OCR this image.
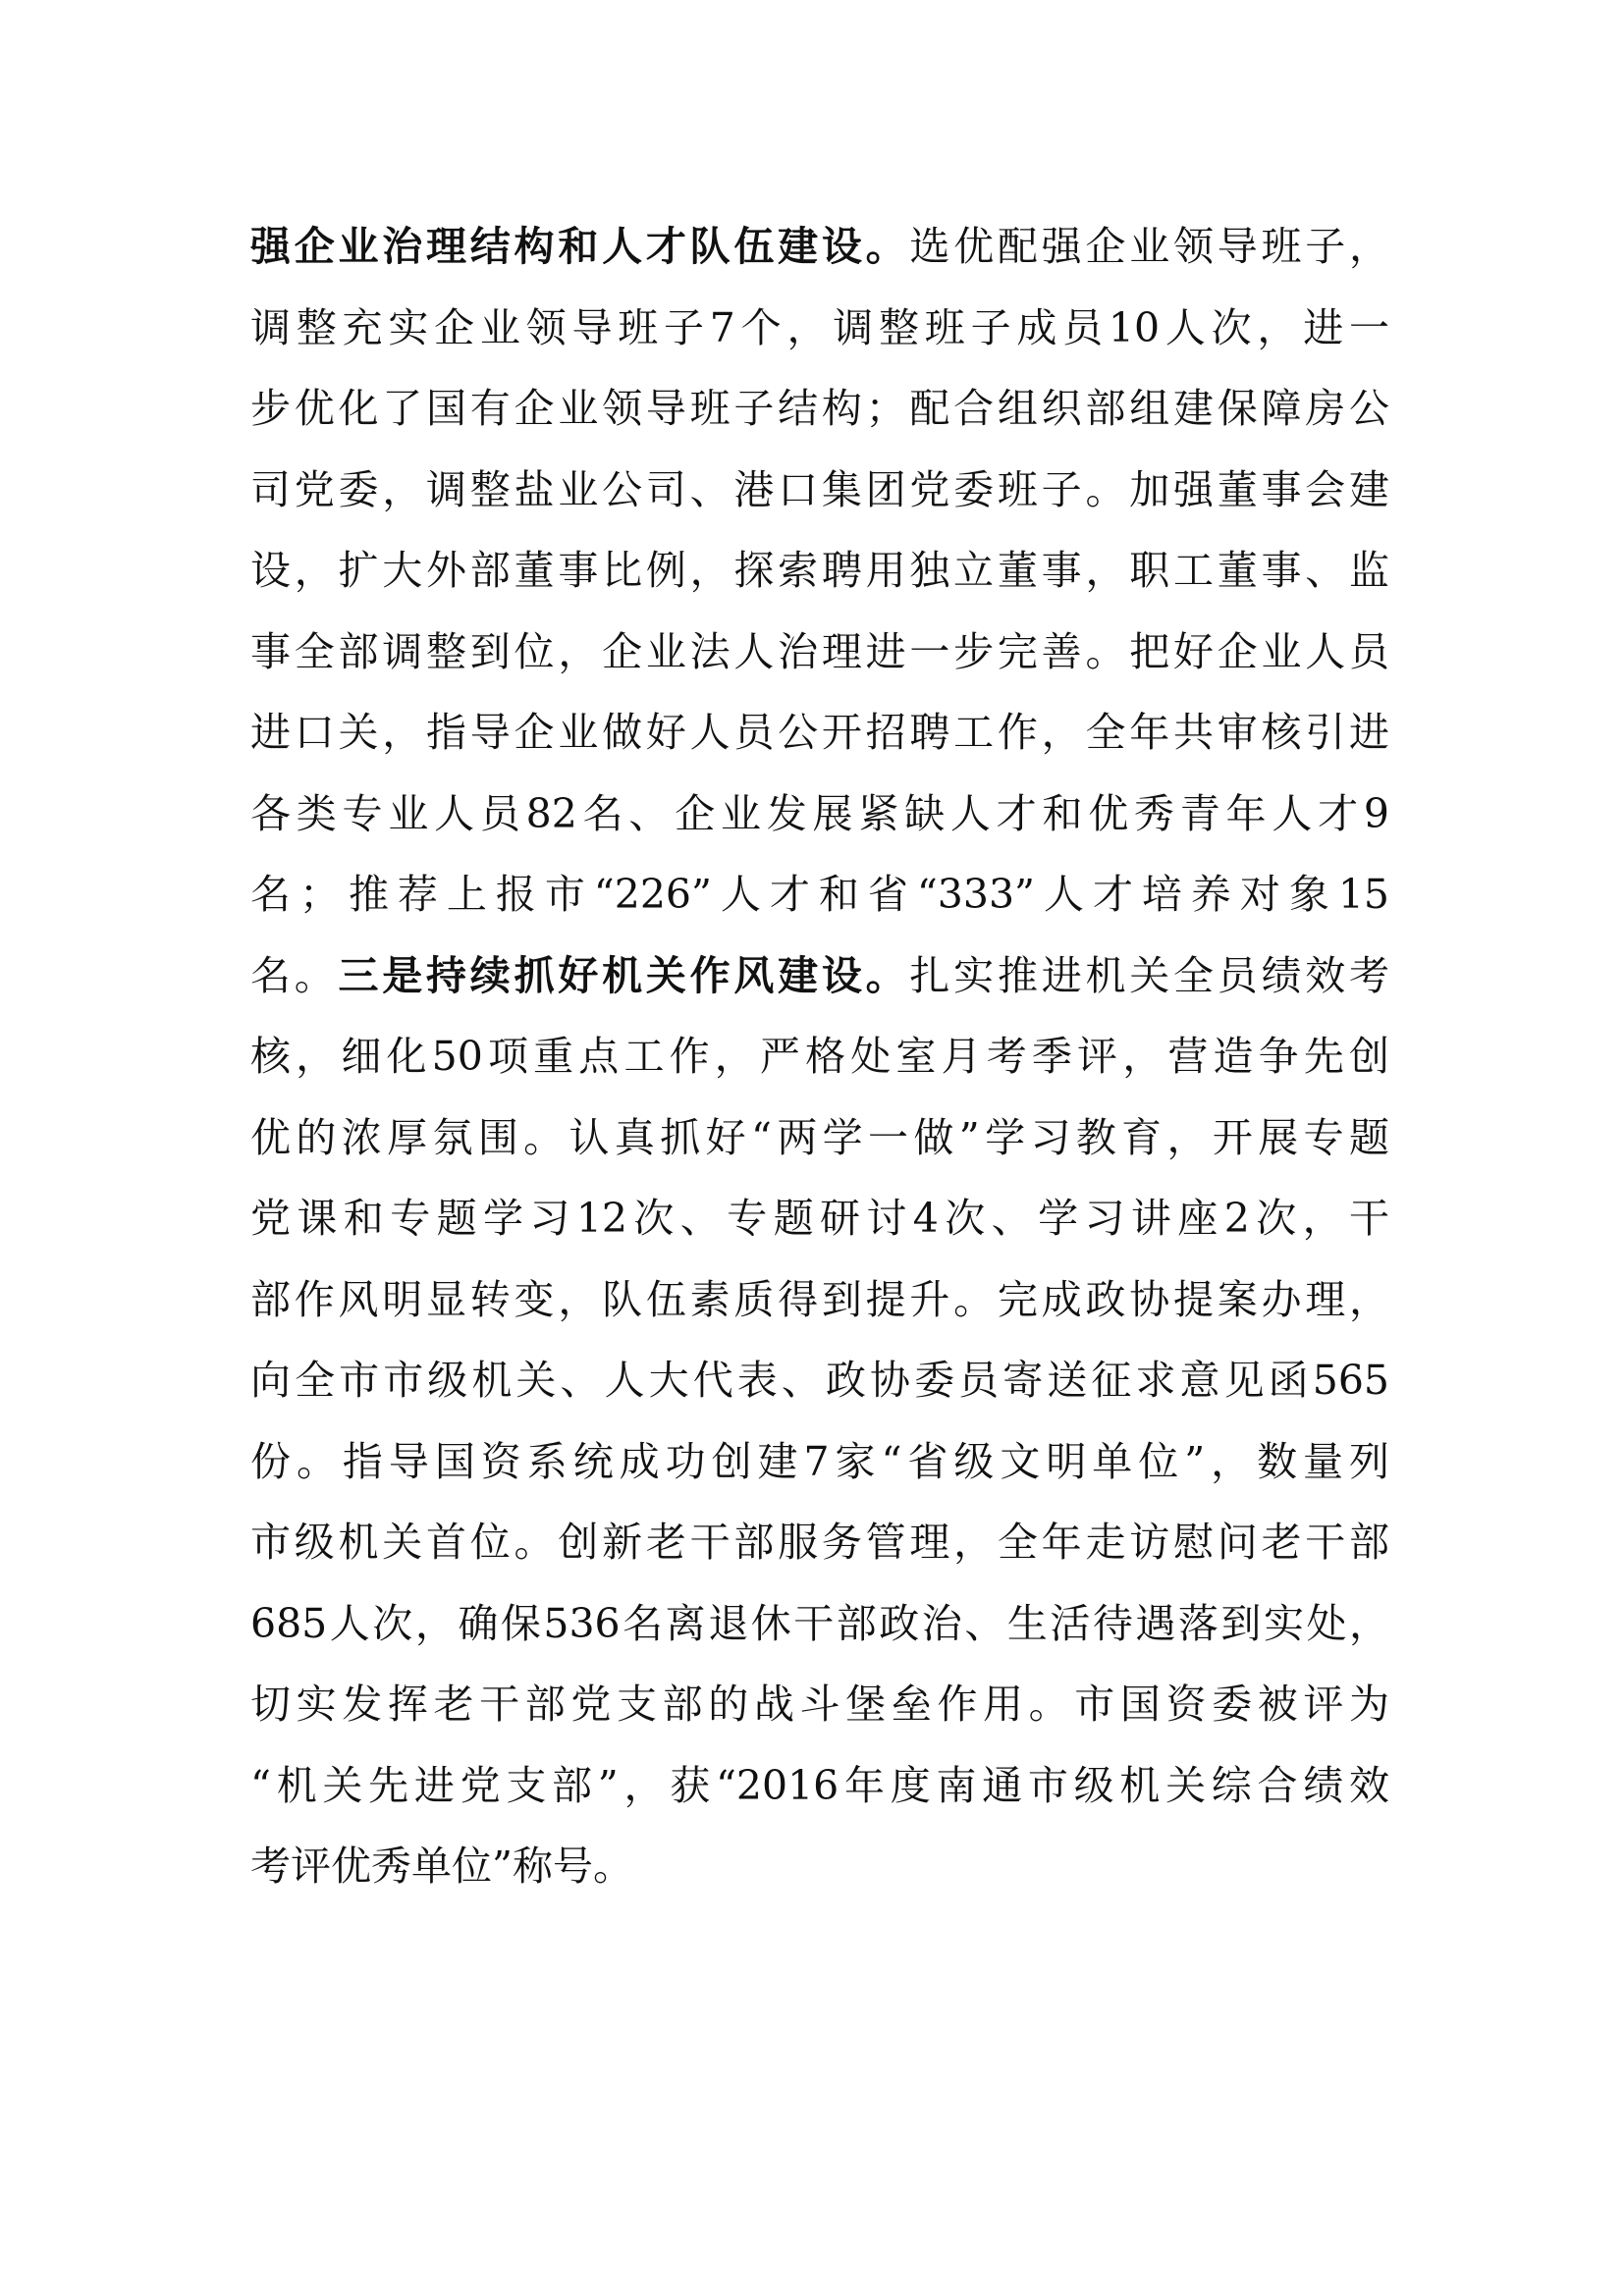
强企业治理结构和人才队伍建设。选优配强企业领导班子，
调整充实企业领导班子7个，调整班子成员10人次，进一
步优化了国有企业领导班子结构；配合组织部组建保障房公
司党委，调整盐业公司、港口集团党委班子。加强董事会建
设，扩大外部董事比例，探索聘用独立董事，职工董事、监
事全部调整到位，企业法人治理进一步完善。把好企业人员
进口关，指导企业做好人员公开招聘工作，全年共审核引进
各类专业人员82名、企业发展紧缺人才和优秀青年人才9
名；推荐上报市“226”人才和省“333”人才培养对象15
名。三是持续抓好机关作风建设。扎实推进机关全员绩效考
核，细化50项重点工作，严格处室月考季评，营造争先创
优的浓厚氛围。认真抓好“两学一做”学习教育，开展专题
党课和专题学习12次、专题研讨4次、学习讲座2次，干
部作风明显转变，队伍素质得到提升。完成政协提案办理，
向全市市级机关、人大代表、政协委员寄送征求意见函565
份。指导国资系统成功创建7家“省级文明单位”，数量列
市级机关首位。创新老干部服务管理，全年走访慰问老干部
685人次，确保536名离退休干部政治、生活待遇落到实处，
切实发挥老干部党支部的战斗堡垒作用。市国资委被评为
“机关先进党支部”，获“2016年度南通市级机关综合绩效
考评优秀单位”称号。
